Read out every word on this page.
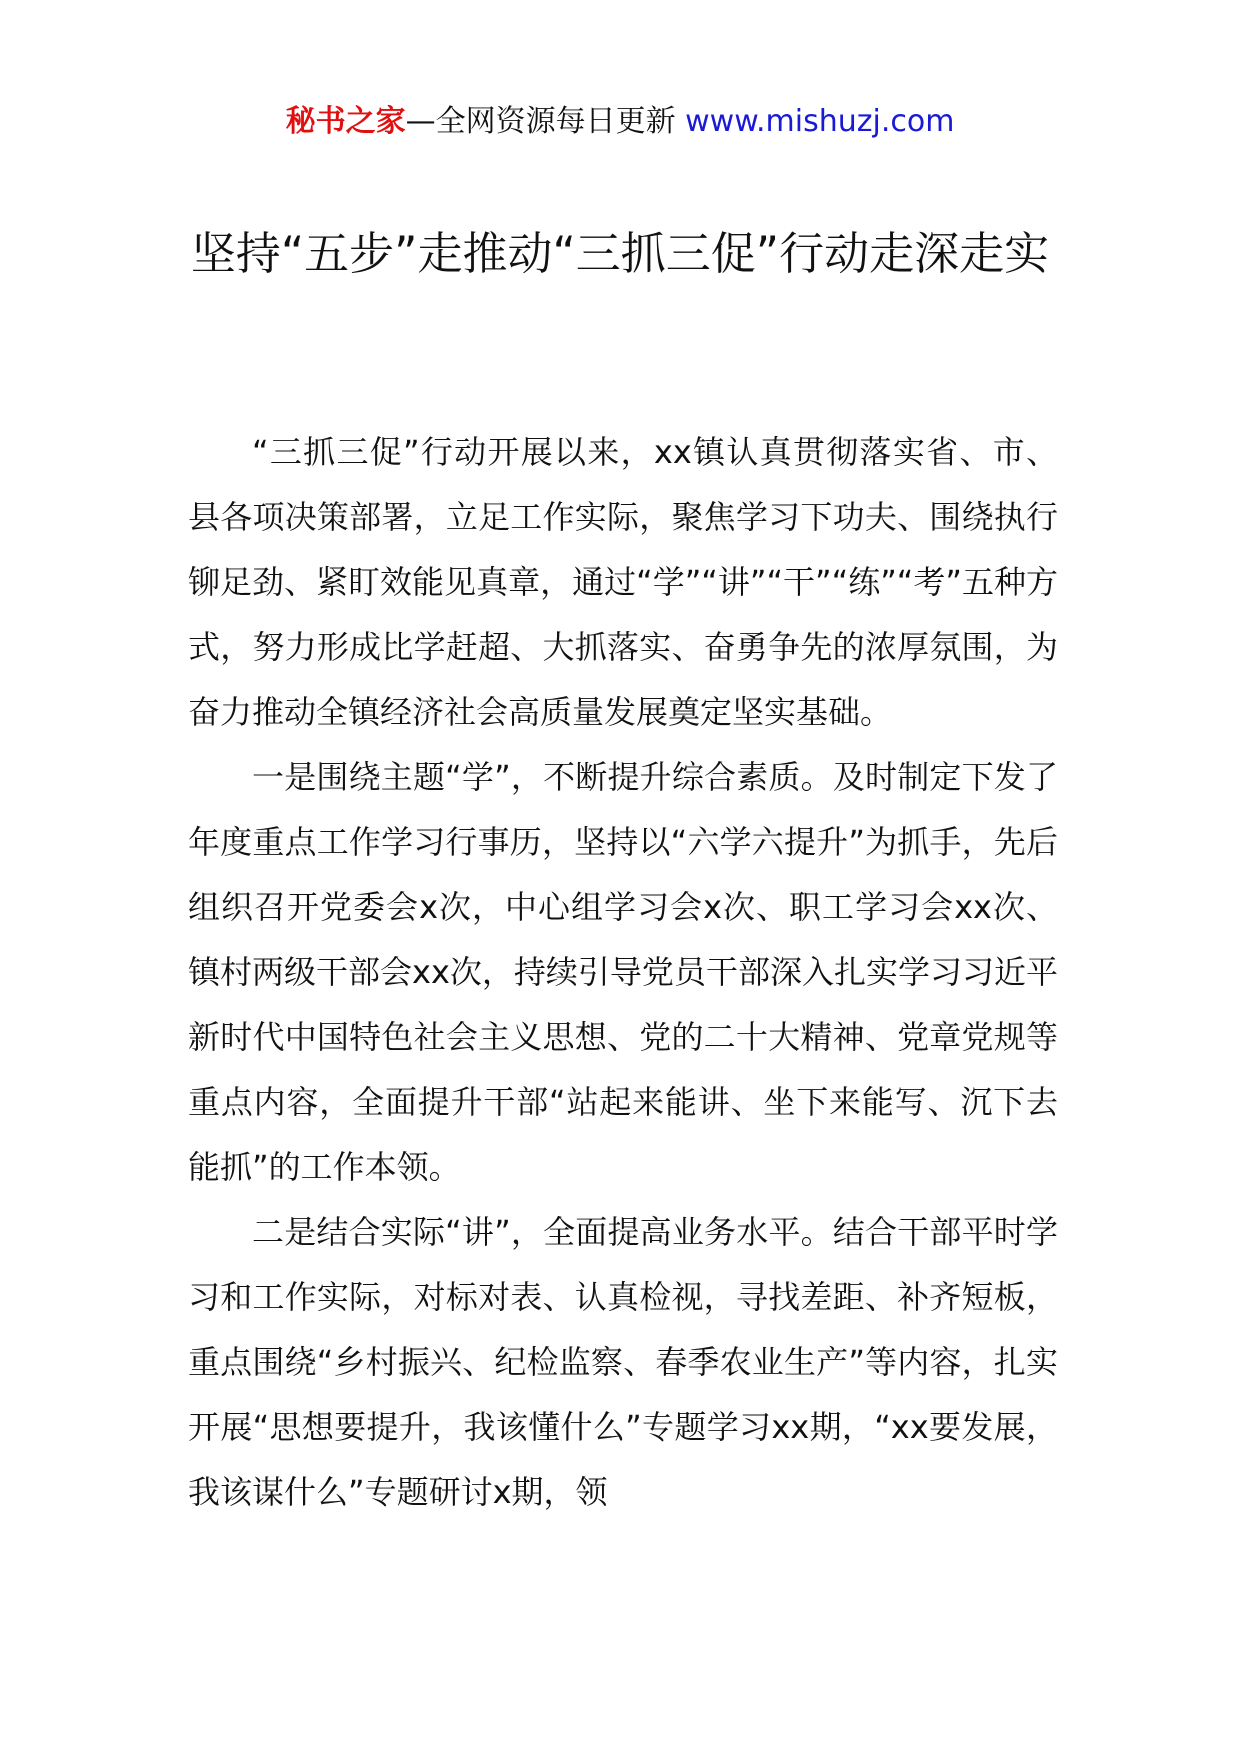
秘书之家—全网资源每日更新 www.mishuzj.com
坚持“五步”走推动“三抓三促”行动走深走实

“三抓三促”行动开展以来，xx镇认真贯彻落实省、市、县各项决策部署，立足工作实际，聚焦学习下功夫、围绕执行铆足劲、紧盯效能见真章，通过“学”“讲”“干”“练”“考”五种方式，努力形成比学赶超、大抓落实、奋勇争先的浓厚氛围，为奋力推动全镇经济社会高质量发展奠定坚实基础。

一是围绕主题“学”，不断提升综合素质。及时制定下发了年度重点工作学习行事历，坚持以“六学六提升”为抓手，先后组织召开党委会x次，中心组学习会x次、职工学习会xx次、镇村两级干部会xx次，持续引导党员干部深入扎实学习习近平新时代中国特色社会主义思想、党的二十大精神、党章党规等重点内容，全面提升干部“站起来能讲、坐下来能写、沉下去能抓”的工作本领。

二是结合实际“讲”，全面提高业务水平。结合干部平时学习和工作实际，对标对表、认真检视，寻找差距、补齐短板，重点围绕“乡村振兴、纪检监察、春季农业生产”等内容，扎实开展“思想要提升，我该懂什么”专题学习xx期，“xx要发展，我该谋什么”专题研讨x期，领
